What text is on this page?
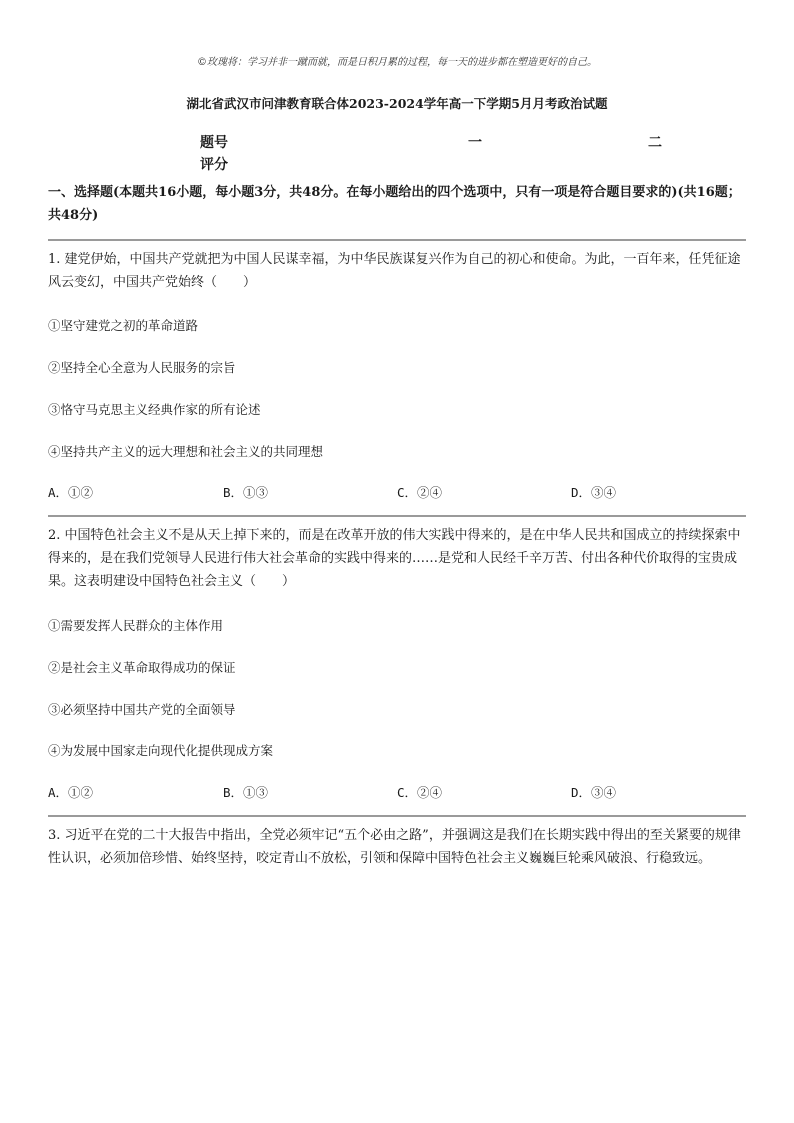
©玫瑰将：学习并非一蹴而就，而是日积月累的过程，每一天的进步都在塑造更好的自己。
湖北省武汉市问津教育联合体2023-2024学年高一下学期5月月考政治试题
题号	一	二
评分
一、选择题(本题共16小题，每小题3分，共48分。在每小题给出的四个选项中，只有一项是符合题目要求的)(共16题；共48分)
1. 建党伊始，中国共产党就把为中国人民谋幸福，为中华民族谋复兴作为自己的初心和使命。为此，一百年来，任凭征途风云变幻，中国共产党始终（　　）
①坚守建党之初的革命道路
②坚持全心全意为人民服务的宗旨
③恪守马克思主义经典作家的所有论述
④坚持共产主义的远大理想和社会主义的共同理想
A．①②	B．①③	C．②④	D．③④
2. 中国特色社会主义不是从天上掉下来的，而是在改革开放的伟大实践中得来的，是在中华人民共和国成立的持续探索中得来的，是在我们党领导人民进行伟大社会革命的实践中得来的……是党和人民经千辛万苦、付出各种代价取得的宝贵成果。这表明建设中国特色社会主义（　　）
①需要发挥人民群众的主体作用
②是社会主义革命取得成功的保证
③必须坚持中国共产党的全面领导
④为发展中国家走向现代化提供现成方案
A．①②	B．①③	C．②④	D．③④
3. 习近平在党的二十大报告中指出，全党必须牢记“五个必由之路”，并强调这是我们在长期实践中得出的至关紧要的规律性认识，必须加倍珍惜、始终坚持，咬定青山不放松，引领和保障中国特色社会主义巍巍巨轮乘风破浪、行稳致远。
